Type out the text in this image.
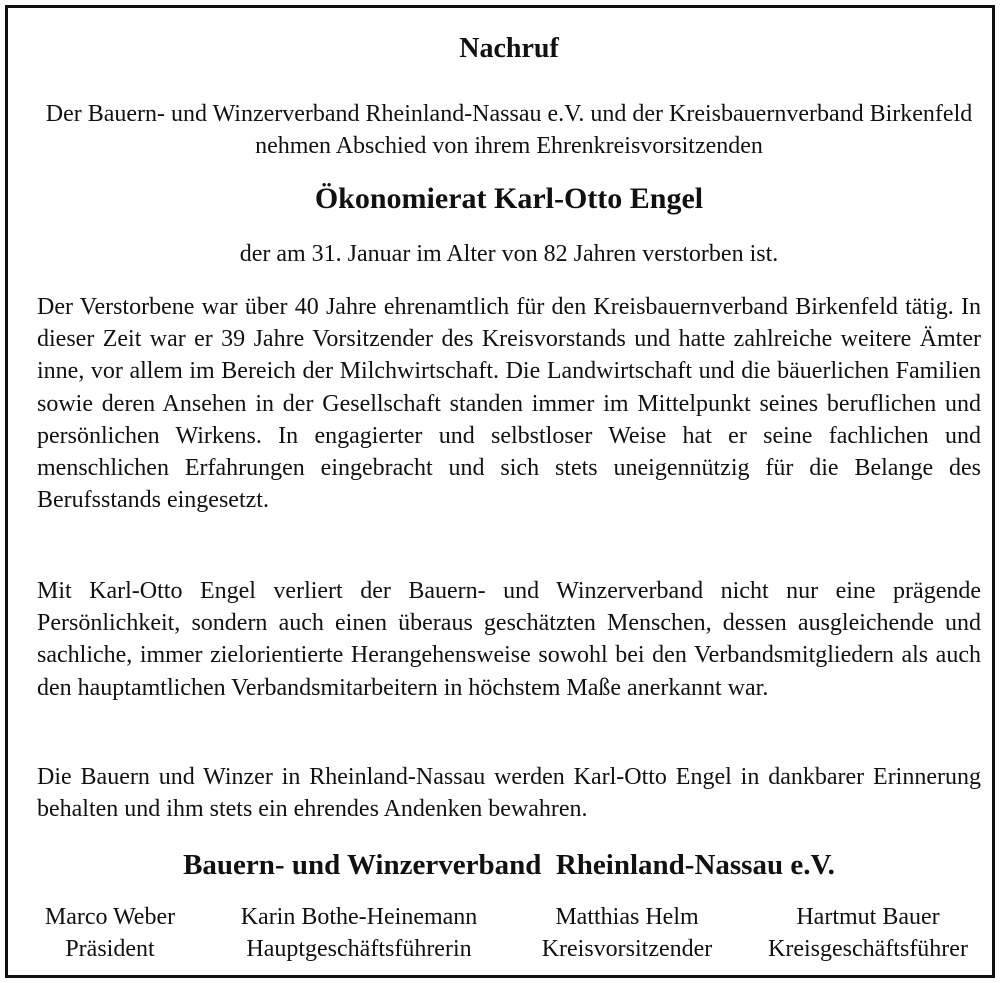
Nachruf
Der Bauern- und Winzerverband Rheinland-Nassau e.V. und der Kreisbauernverband Birkenfeld nehmen Abschied von ihrem Ehrenkreisvorsitzenden
Ökonomierat Karl-Otto Engel
der am 31. Januar im Alter von 82 Jahren verstorben ist.
Der Verstorbene war über 40 Jahre ehrenamtlich für den Kreisbauernverband Birkenfeld tätig. In dieser Zeit war er 39 Jahre Vorsitzender des Kreisvorstands und hatte zahlreiche weitere Ämter inne, vor allem im Bereich der Milchwirtschaft. Die Landwirtschaft und die bäuerlichen Familien sowie deren Ansehen in der Gesellschaft standen immer im Mittelpunkt seines beruflichen und persönlichen Wirkens. In engagierter und selbstloser Weise hat er seine fachlichen und menschlichen Erfahrungen eingebracht und sich stets uneigennützig für die Belange des Berufsstands eingesetzt.
Mit Karl-Otto Engel verliert der Bauern- und Winzerverband nicht nur eine prägende Persönlichkeit, sondern auch einen überaus geschätzten Menschen, dessen ausgleichende und sachliche, immer zielorientierte Herangehensweise sowohl bei den Verbandsmitgliedern als auch den hauptamtlichen Verbandsmitarbeitern in höchstem Maße anerkannt war.
Die Bauern und Winzer in Rheinland-Nassau werden Karl-Otto Engel in dankbarer Erinnerung behalten und ihm stets ein ehrendes Andenken bewahren.
Bauern- und Winzerverband  Rheinland-Nassau e.V.
Marco Weber
Präsident
Karin Bothe-Heinemann
Hauptgeschäftsführerin
Matthias Helm
Kreisvorsitzender
Hartmut Bauer
Kreisgeschäftsführer
